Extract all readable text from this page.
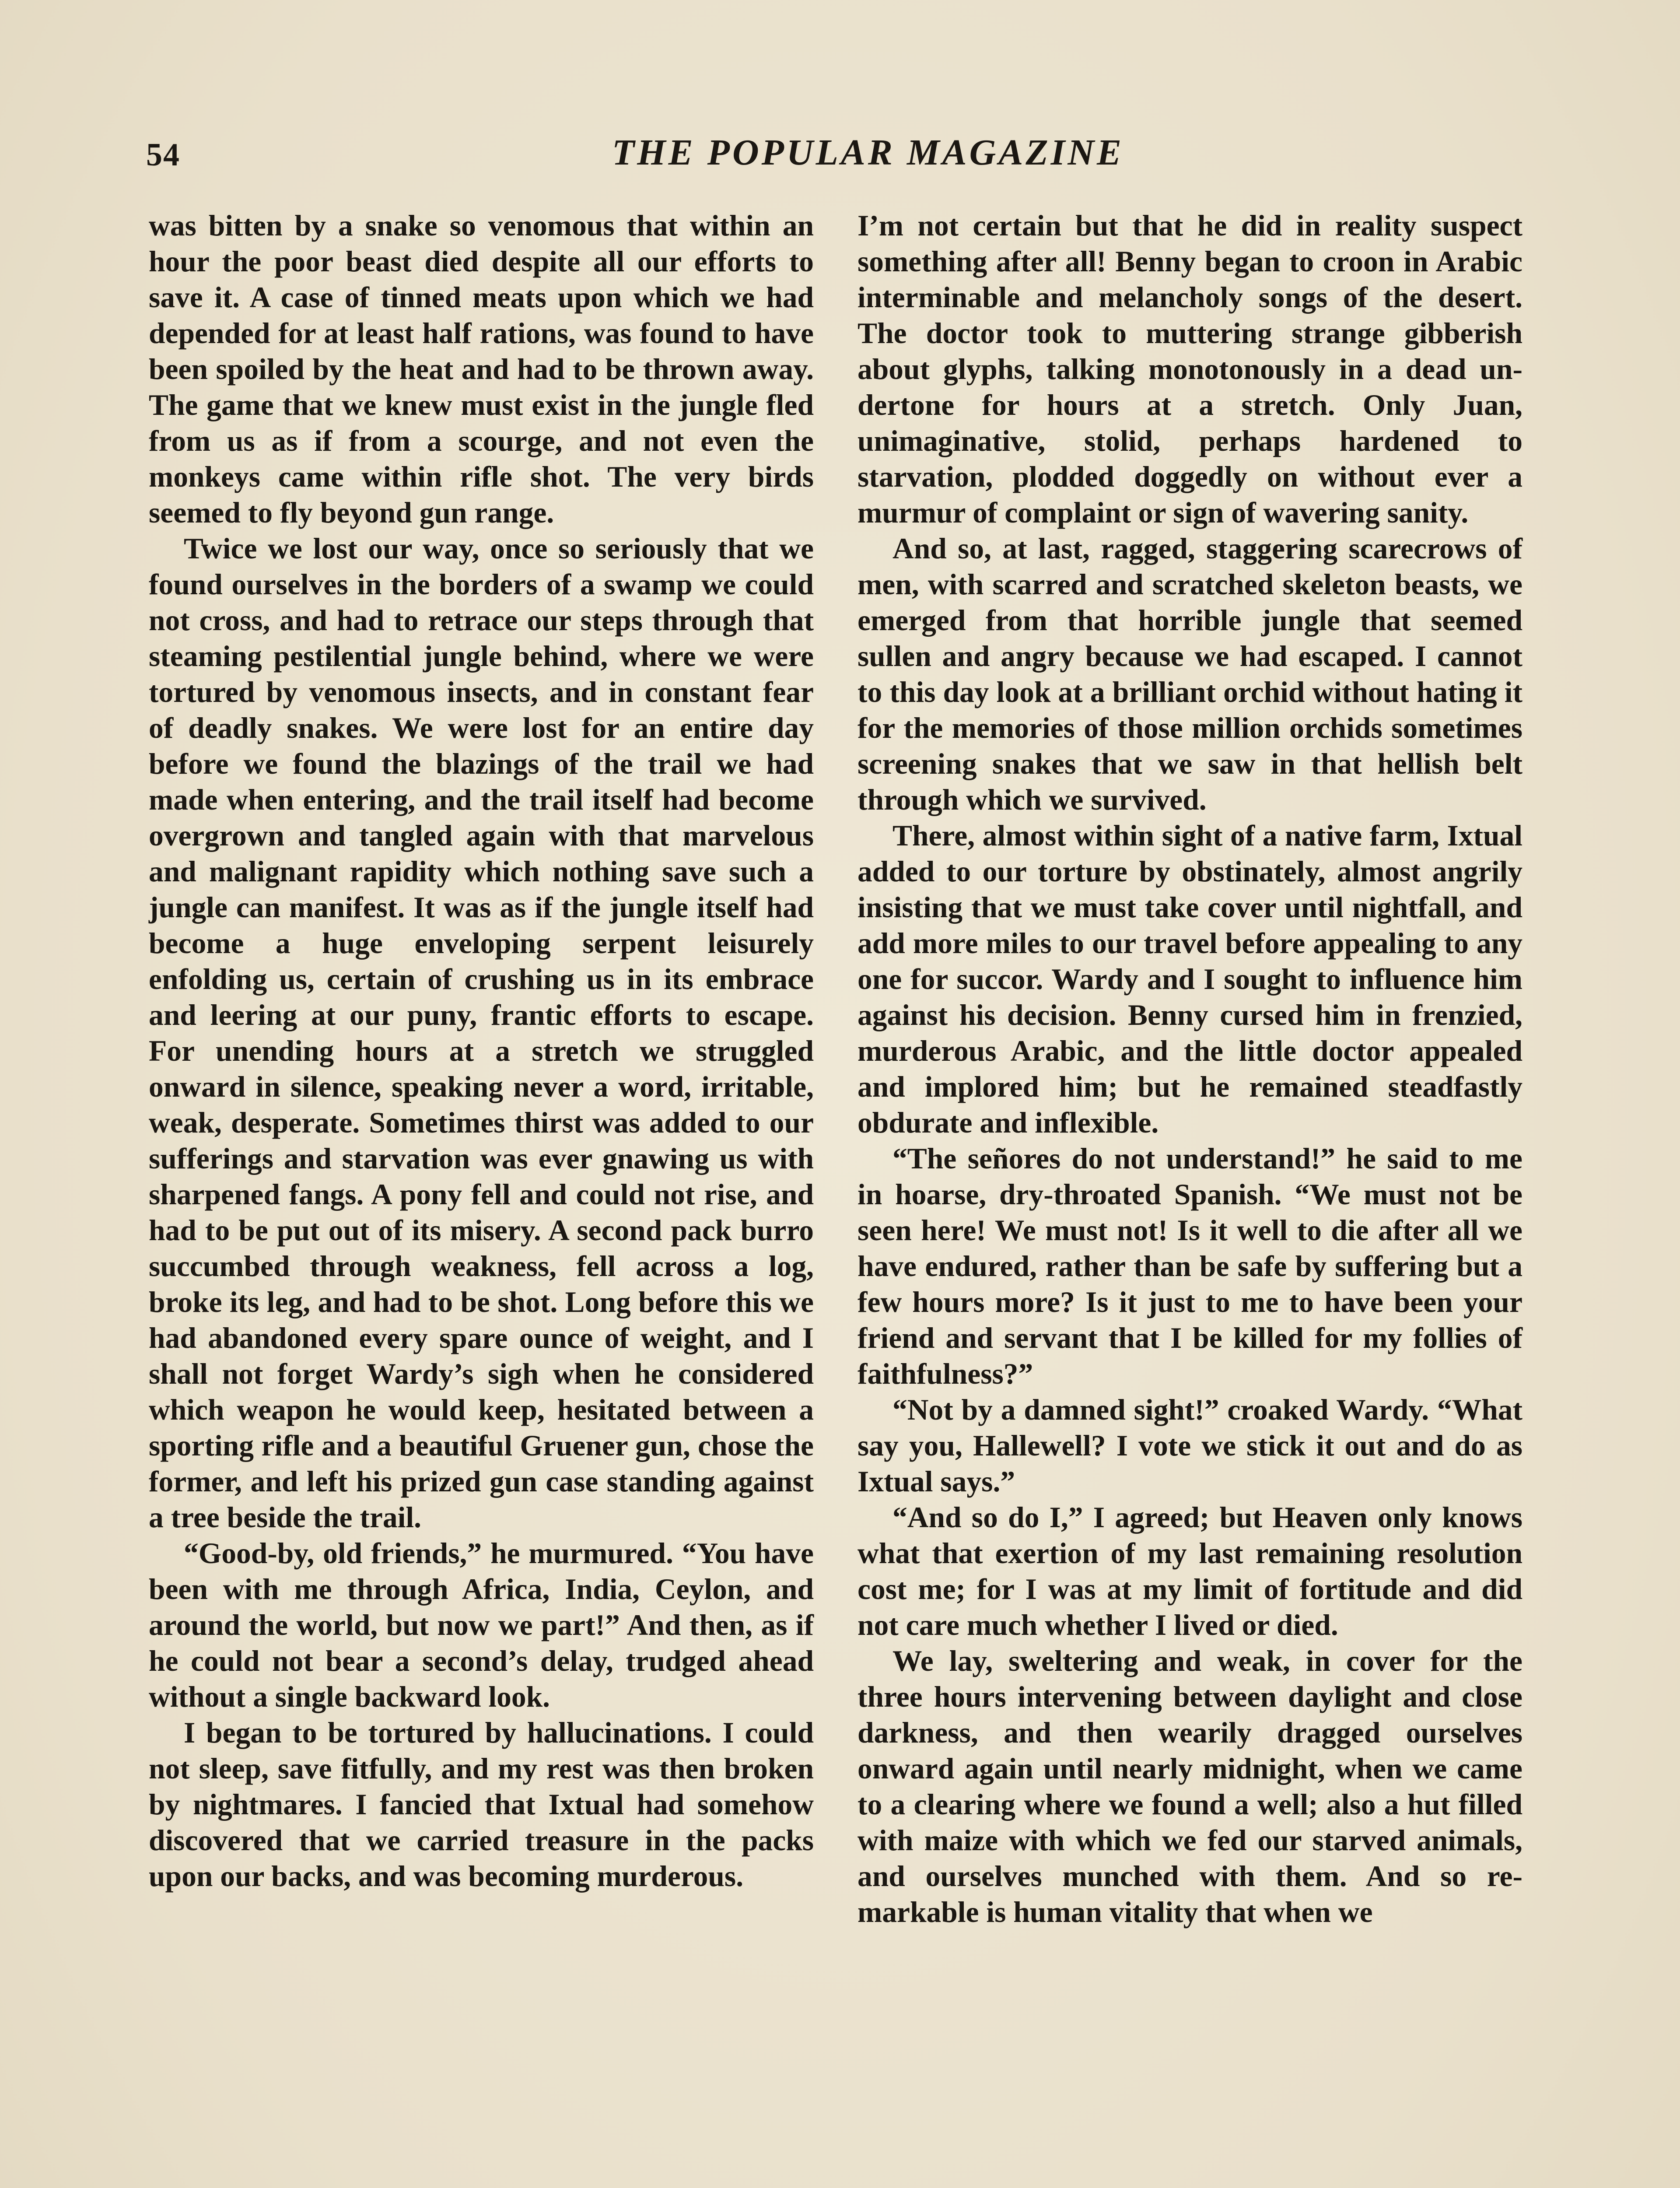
54	THE POPULAR MAGAZINE

was bitten by a snake so venomous that within an hour the poor beast died despite all our efforts to save it. A case of tinned meats upon which we had depended for at least half rations, was found to have been spoiled by the heat and had to be thrown away. The game that we knew must exist in the jungle fled from us as if from a scourge, and not even the monkeys came within rifle shot. The very birds seemed to fly beyond gun range.

Twice we lost our way, once so seriously that we found ourselves in the borders of a swamp we could not cross, and had to retrace our steps through that steaming pestilential jungle behind, where we were tortured by venomous insects, and in constant fear of deadly snakes. We were lost for an entire day before we found the blazings of the trail we had made when entering, and the trail itself had become overgrown and tangled again with that marvelous and malignant rapidity which nothing save such a jungle can manifest. It was as if the jungle itself had become a huge enveloping serpent leisurely enfolding us, certain of crushing us in its embrace and leering at our puny, frantic efforts to escape. For unending hours at a stretch we struggled onward in silence, speaking never a word, irritable, weak, desperate. Sometimes thirst was added to our sufferings and starvation was ever gnawing us with sharpened fangs. A pony fell and could not rise, and had to be put out of its misery. A second pack burro succumbed through weakness, fell across a log, broke its leg, and had to be shot. Long before this we had abandoned every spare ounce of weight, and I shall not forget Wardy’s sigh when he considered which weapon he would keep, hesitated between a sporting rifle and a beautiful Gruener gun, chose the former, and left his prized gun case standing against a tree beside the trail.

“Good-by, old friends,” he murmured. “You have been with me through Africa, India, Ceylon, and around the world, but now we part!” And then, as if he could not bear a second’s delay, trudged ahead without a single backward look.

I began to be tortured by hallucinations. I could not sleep, save fitfully, and my rest was then broken by nightmares. I fancied that Ixtual had somehow discovered that we carried treasure in the packs upon our backs, and was becoming murderous.

I’m not certain but that he did in reality suspect something after all! Benny began to croon in Arabic interminable and melancholy songs of the desert. The doctor took to muttering strange gibberish about glyphs, talking monotonously in a dead undertone for hours at a stretch. Only Juan, unimaginative, stolid, perhaps hardened to starvation, plodded doggedly on without ever a murmur of complaint or sign of wavering sanity.

And so, at last, ragged, staggering scarecrows of men, with scarred and scratched skeleton beasts, we emerged from that horrible jungle that seemed sullen and angry because we had escaped. I cannot to this day look at a brilliant orchid without hating it for the memories of those million orchids sometimes screening snakes that we saw in that hellish belt through which we survived.

There, almost within sight of a native farm, Ixtual added to our torture by obstinately, almost angrily insisting that we must take cover until nightfall, and add more miles to our travel before appealing to any one for succor. Wardy and I sought to influence him against his decision. Benny cursed him in frenzied, murderous Arabic, and the little doctor appealed and implored him; but he remained steadfastly obdurate and inflexible.

“The señores do not understand!” he said to me in hoarse, dry-throated Spanish. “We must not be seen here! We must not! Is it well to die after all we have endured, rather than be safe by suffering but a few hours more? Is it just to me to have been your friend and servant that I be killed for my follies of faithfulness?”

“Not by a damned sight!” croaked Wardy. “What say you, Hallewell? I vote we stick it out and do as Ixtual says.”

“And so do I,” I agreed; but Heaven only knows what that exertion of my last remaining resolution cost me; for I was at my limit of fortitude and did not care much whether I lived or died.

We lay, sweltering and weak, in cover for the three hours intervening between daylight and close darkness, and then wearily dragged ourselves onward again until nearly midnight, when we came to a clearing where we found a well; also a hut filled with maize with which we fed our starved animals, and ourselves munched with them. And so remarkable is human vitality that when we
